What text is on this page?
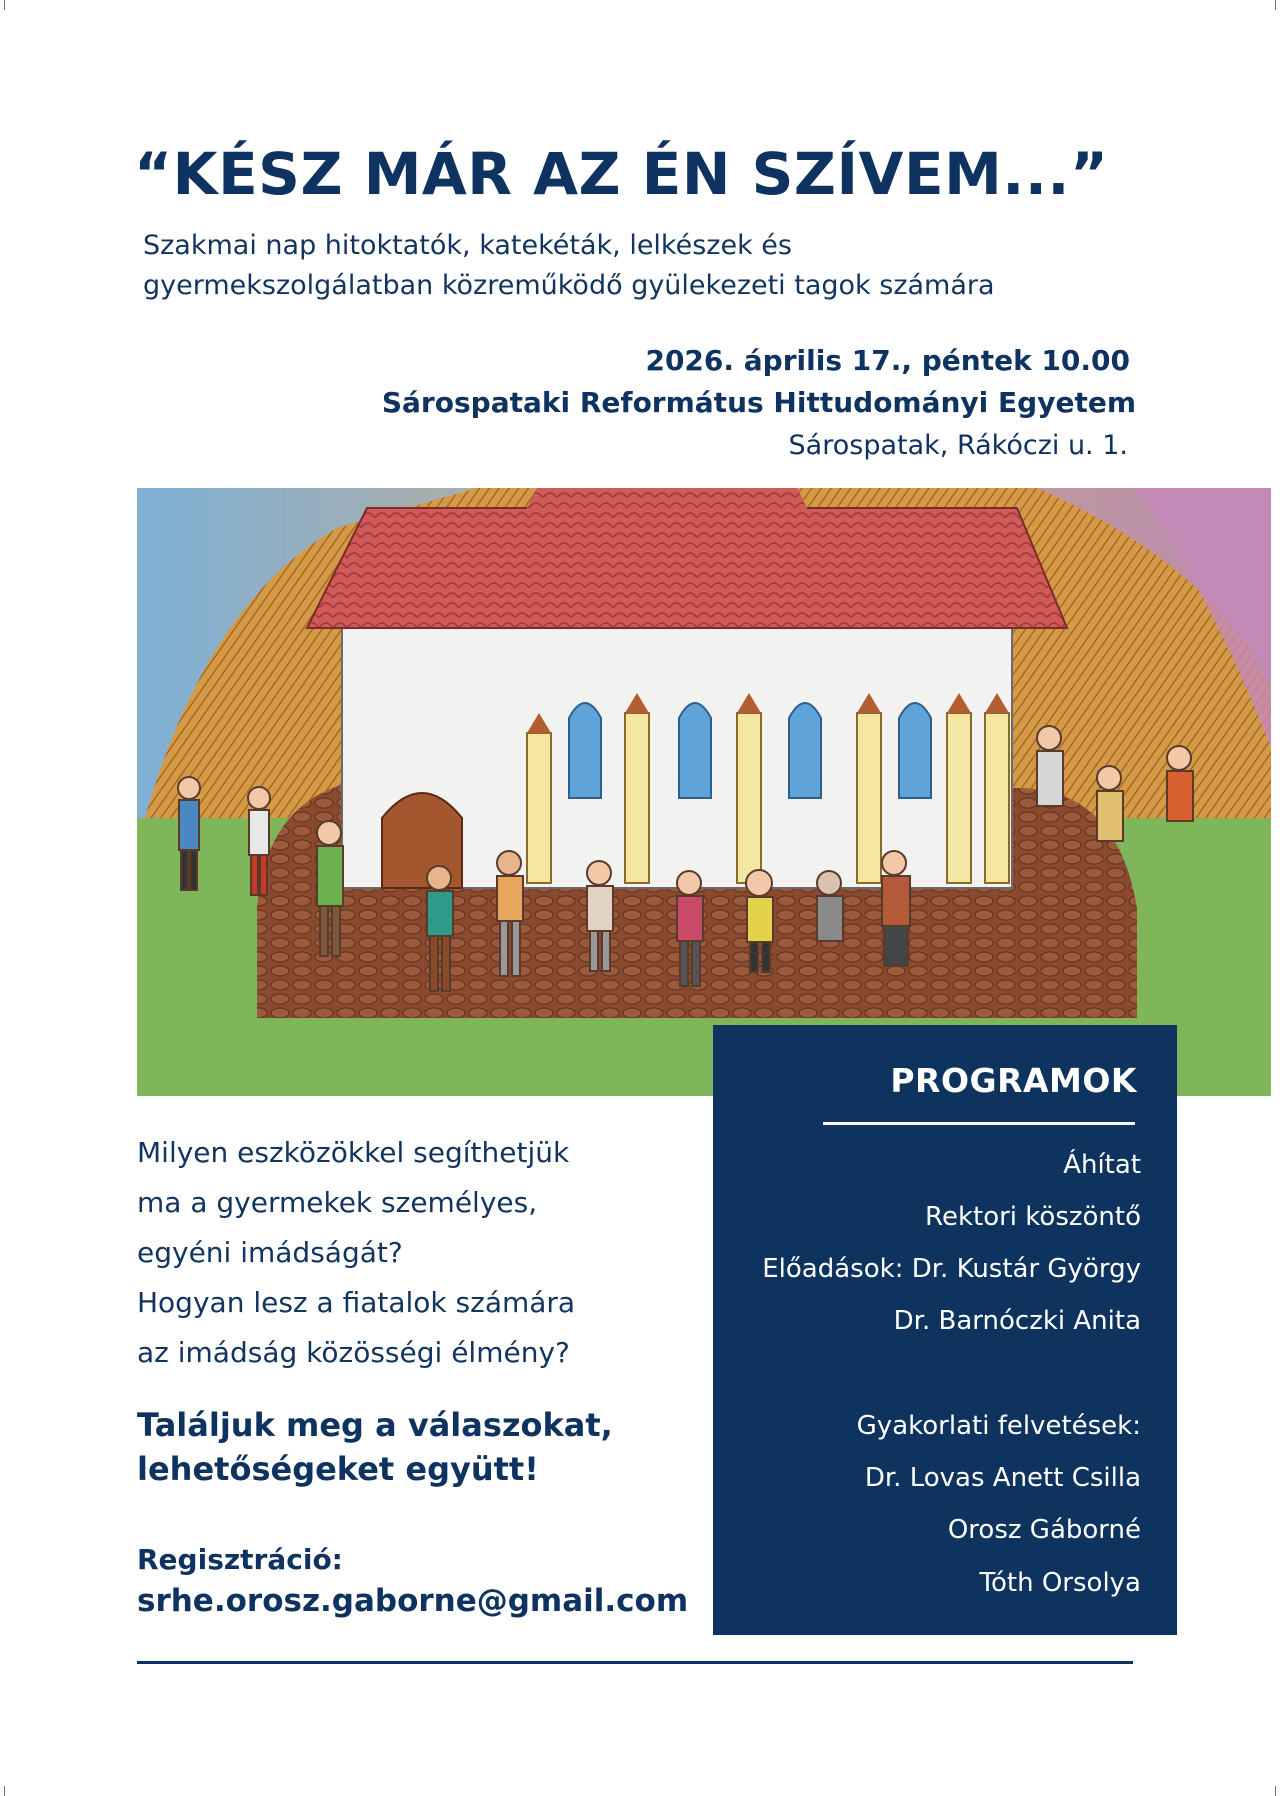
“KÉSZ MÁR AZ ÉN SZÍVEM...”
Szakmai nap hitoktatók, katekéták, lelkészek és
gyermekszolgálatban közreműködő gyülekezeti tagok számára
2026. április 17., péntek 10.00
Sárospataki Református Hittudományi Egyetem
Sárospatak, Rákóczi u. 1.
Milyen eszközökkel segíthetjük
ma a gyermekek személyes,
egyéni imádságát?
Hogyan lesz a fiatalok számára
az imádság közösségi élmény?
Találjuk meg a válaszokat,
lehetőségeket együtt!
Regisztráció:
srhe.orosz.gaborne@gmail.com
PROGRAMOK
Áhítat
Rektori köszöntő
Előadások: Dr. Kustár György
Dr. Barnóczki Anita
Gyakorlati felvetések:
Dr. Lovas Anett Csilla
Orosz Gáborné
Tóth Orsolya
